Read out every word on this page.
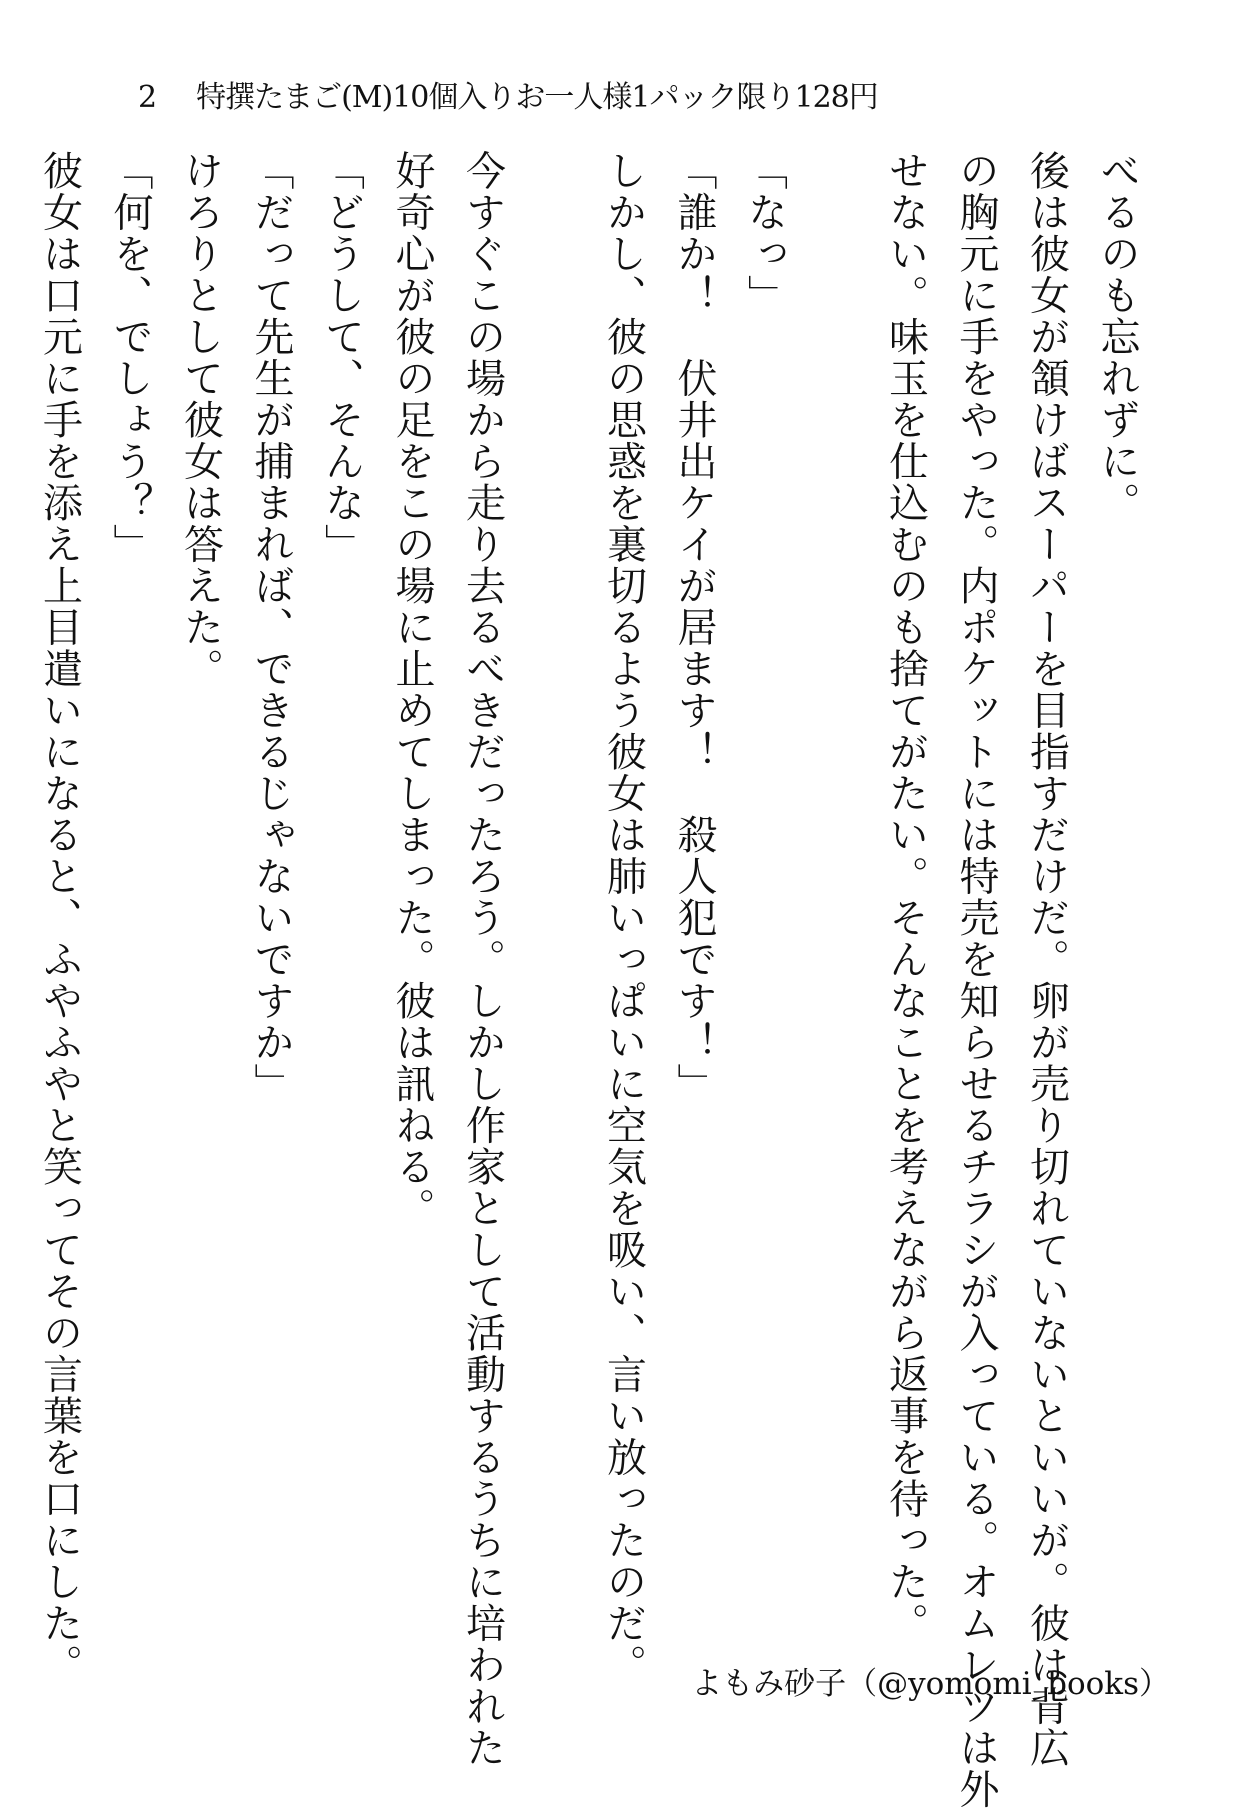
2 特撰たまご(M)10個入りお一人様1パック限り128円
べるのも忘れずに。
後は彼女が頷けばスーパーを目指すだけだ。卵が売り切れていないといいが。彼は背広
の胸元に手をやった。内ポケットには特売を知らせるチラシが入っている。オムレツは外
せない。味玉を仕込むのも捨てがたい。そんなことを考えながら返事を待った。
「なっ」
「誰か！　伏井出ケイが居ます！　殺人犯です！」
しかし、彼の思惑を裏切るよう彼女は肺いっぱいに空気を吸い、言い放ったのだ。
今すぐこの場から走り去るべきだったろう。しかし作家として活動するうちに培われた
好奇心が彼の足をこの場に止めてしまった。彼は訊ねる。
「どうして、そんな」
「だって先生が捕まれば、できるじゃないですか」
けろりとして彼女は答えた。
「何を、でしょう？」
彼女は口元に手を添え上目遣いになると、ふやふやと笑ってその言葉を口にした。	よもみ砂子（@yomomi_books）
